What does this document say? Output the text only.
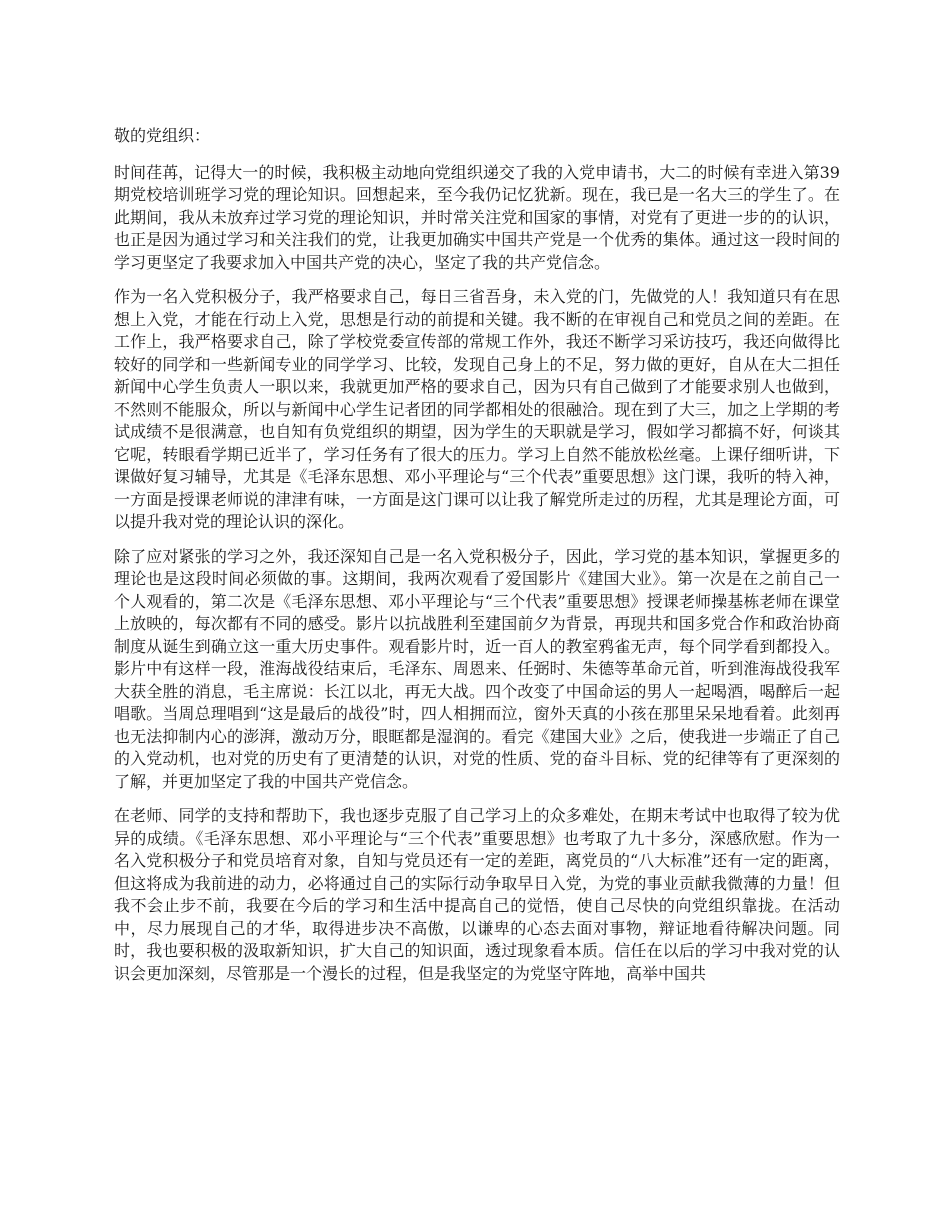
敬的党组织：

时间荏苒，记得大一的时候，我积极主动地向党组织递交了我的入党申请书，大二的时候有幸进入第39期党校培训班学习党的理论知识。回想起来，至今我仍记忆犹新。现在，我已是一名大三的学生了。在此期间，我从未放弃过学习党的理论知识，并时常关注党和国家的事情，对党有了更进一步的的认识，也正是因为通过学习和关注我们的党，让我更加确实中国共产党是一个优秀的集体。通过这一段时间的学习更坚定了我要求加入中国共产党的决心，坚定了我的共产党信念。

作为一名入党积极分子，我严格要求自己，每日三省吾身，未入党的门，先做党的人！我知道只有在思想上入党，才能在行动上入党，思想是行动的前提和关键。我不断的在审视自己和党员之间的差距。在工作上，我严格要求自己，除了学校党委宣传部的常规工作外，我还不断学习采访技巧，我还向做得比较好的同学和一些新闻专业的同学学习、比较，发现自己身上的不足，努力做的更好，自从在大二担任新闻中心学生负责人一职以来，我就更加严格的要求自己，因为只有自己做到了才能要求别人也做到，不然则不能服众，所以与新闻中心学生记者团的同学都相处的很融洽。现在到了大三，加之上学期的考试成绩不是很满意，也自知有负党组织的期望，因为学生的天职就是学习，假如学习都搞不好，何谈其它呢，转眼看学期已近半了，学习任务有了很大的压力。学习上自然不能放松丝毫。上课仔细听讲，下课做好复习辅导，尤其是《毛泽东思想、邓小平理论与“三个代表”重要思想》这门课，我听的特入神，一方面是授课老师说的津津有味，一方面是这门课可以让我了解党所走过的历程，尤其是理论方面，可以提升我对党的理论认识的深化。

除了应对紧张的学习之外，我还深知自己是一名入党积极分子，因此，学习党的基本知识，掌握更多的理论也是这段时间必须做的事。这期间，我两次观看了爱国影片《建国大业》。第一次是在之前自己一个人观看的，第二次是《毛泽东思想、邓小平理论与“三个代表”重要思想》授课老师操基栋老师在课堂上放映的，每次都有不同的感受。影片以抗战胜利至建国前夕为背景，再现共和国多党合作和政治协商制度从诞生到确立这一重大历史事件。观看影片时，近一百人的教室鸦雀无声，每个同学看到都投入。影片中有这样一段，淮海战役结束后，毛泽东、周恩来、任弼时、朱德等革命元首，听到淮海战役我军大获全胜的消息，毛主席说：长江以北，再无大战。四个改变了中国命运的男人一起喝酒，喝醉后一起唱歌。当周总理唱到“这是最后的战役”时，四人相拥而泣，窗外天真的小孩在那里呆呆地看着。此刻再也无法抑制内心的澎湃，激动万分，眼眶都是湿润的。看完《建国大业》之后，使我进一步端正了自己的入党动机，也对党的历史有了更清楚的认识，对党的性质、党的奋斗目标、党的纪律等有了更深刻的了解，并更加坚定了我的中国共产党信念。

在老师、同学的支持和帮助下，我也逐步克服了自己学习上的众多难处，在期末考试中也取得了较为优异的成绩。《毛泽东思想、邓小平理论与“三个代表”重要思想》也考取了九十多分，深感欣慰。作为一名入党积极分子和党员培育对象，自知与党员还有一定的差距，离党员的“八大标准”还有一定的距离，但这将成为我前进的动力，必将通过自己的实际行动争取早日入党，为党的事业贡献我微薄的力量！但我不会止步不前，我要在今后的学习和生活中提高自己的觉悟，使自己尽快的向党组织靠拢。在活动中，尽力展现自己的才华，取得进步决不高傲，以谦卑的心态去面对事物，辩证地看待解决问题。同时，我也要积极的汲取新知识，扩大自己的知识面，透过现象看本质。信任在以后的学习中我对党的认识会更加深刻，尽管那是一个漫长的过程，但是我坚定的为党坚守阵地，高举中国共
